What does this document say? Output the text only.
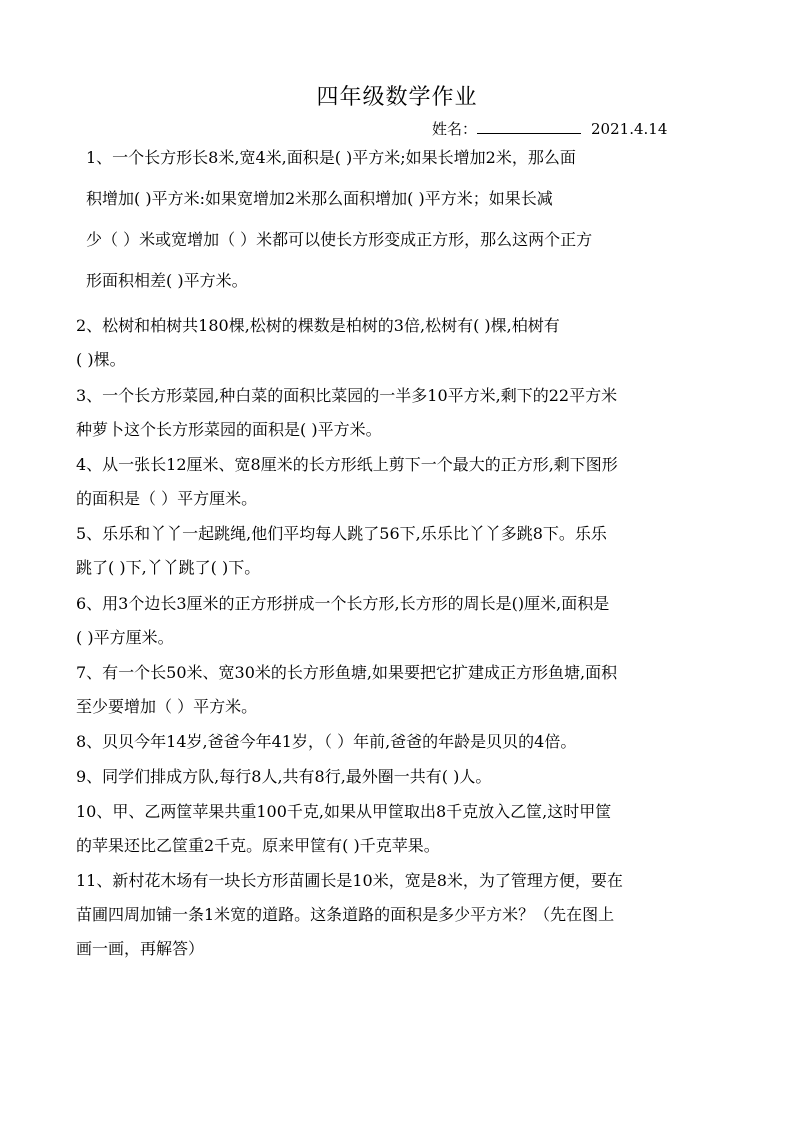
四年级数学作业
姓名：	2021.4.14
1、一个长方形长8米,宽4米,面积是( )平方米;如果长增加2米，那么面
积增加( )平方米:如果宽增加2米那么面积增加( )平方米；如果长减
少（ ）米或宽增加（ ）米都可以使长方形变成正方形，那么这两个正方
形面积相差( )平方米。
2、松树和柏树共180棵,松树的棵数是柏树的3倍,松树有( )棵,柏树有
( )棵。
3、一个长方形菜园,种白菜的面积比菜园的一半多10平方米,剩下的22平方米
种萝卜这个长方形菜园的面积是( )平方米。
4、从一张长12厘米、宽8厘米的长方形纸上剪下一个最大的正方形,剩下图形
的面积是（ ）平方厘米。
5、乐乐和丫丫一起跳绳,他们平均每人跳了56下,乐乐比丫丫多跳8下。乐乐
跳了( )下,丫丫跳了( )下。
6、用3个边长3厘米的正方形拼成一个长方形,长方形的周长是()厘米,面积是
( )平方厘米。
7、有一个长50米、宽30米的长方形鱼塘,如果要把它扩建成正方形鱼塘,面积
至少要增加（ ）平方米。
8、贝贝今年14岁,爸爸今年41岁，（ ）年前,爸爸的年龄是贝贝的4倍。
9、同学们排成方队,每行8人,共有8行,最外圈一共有( )人。
10、甲、乙两筐苹果共重100千克,如果从甲筐取出8千克放入乙筐,这时甲筐
的苹果还比乙筐重2千克。原来甲筐有( )千克苹果。
11、新村花木场有一块长方形苗圃长是10米，宽是8米，为了管理方便，要在
苗圃四周加铺一条1米宽的道路。这条道路的面积是多少平方米？（先在图上
画一画，再解答）
